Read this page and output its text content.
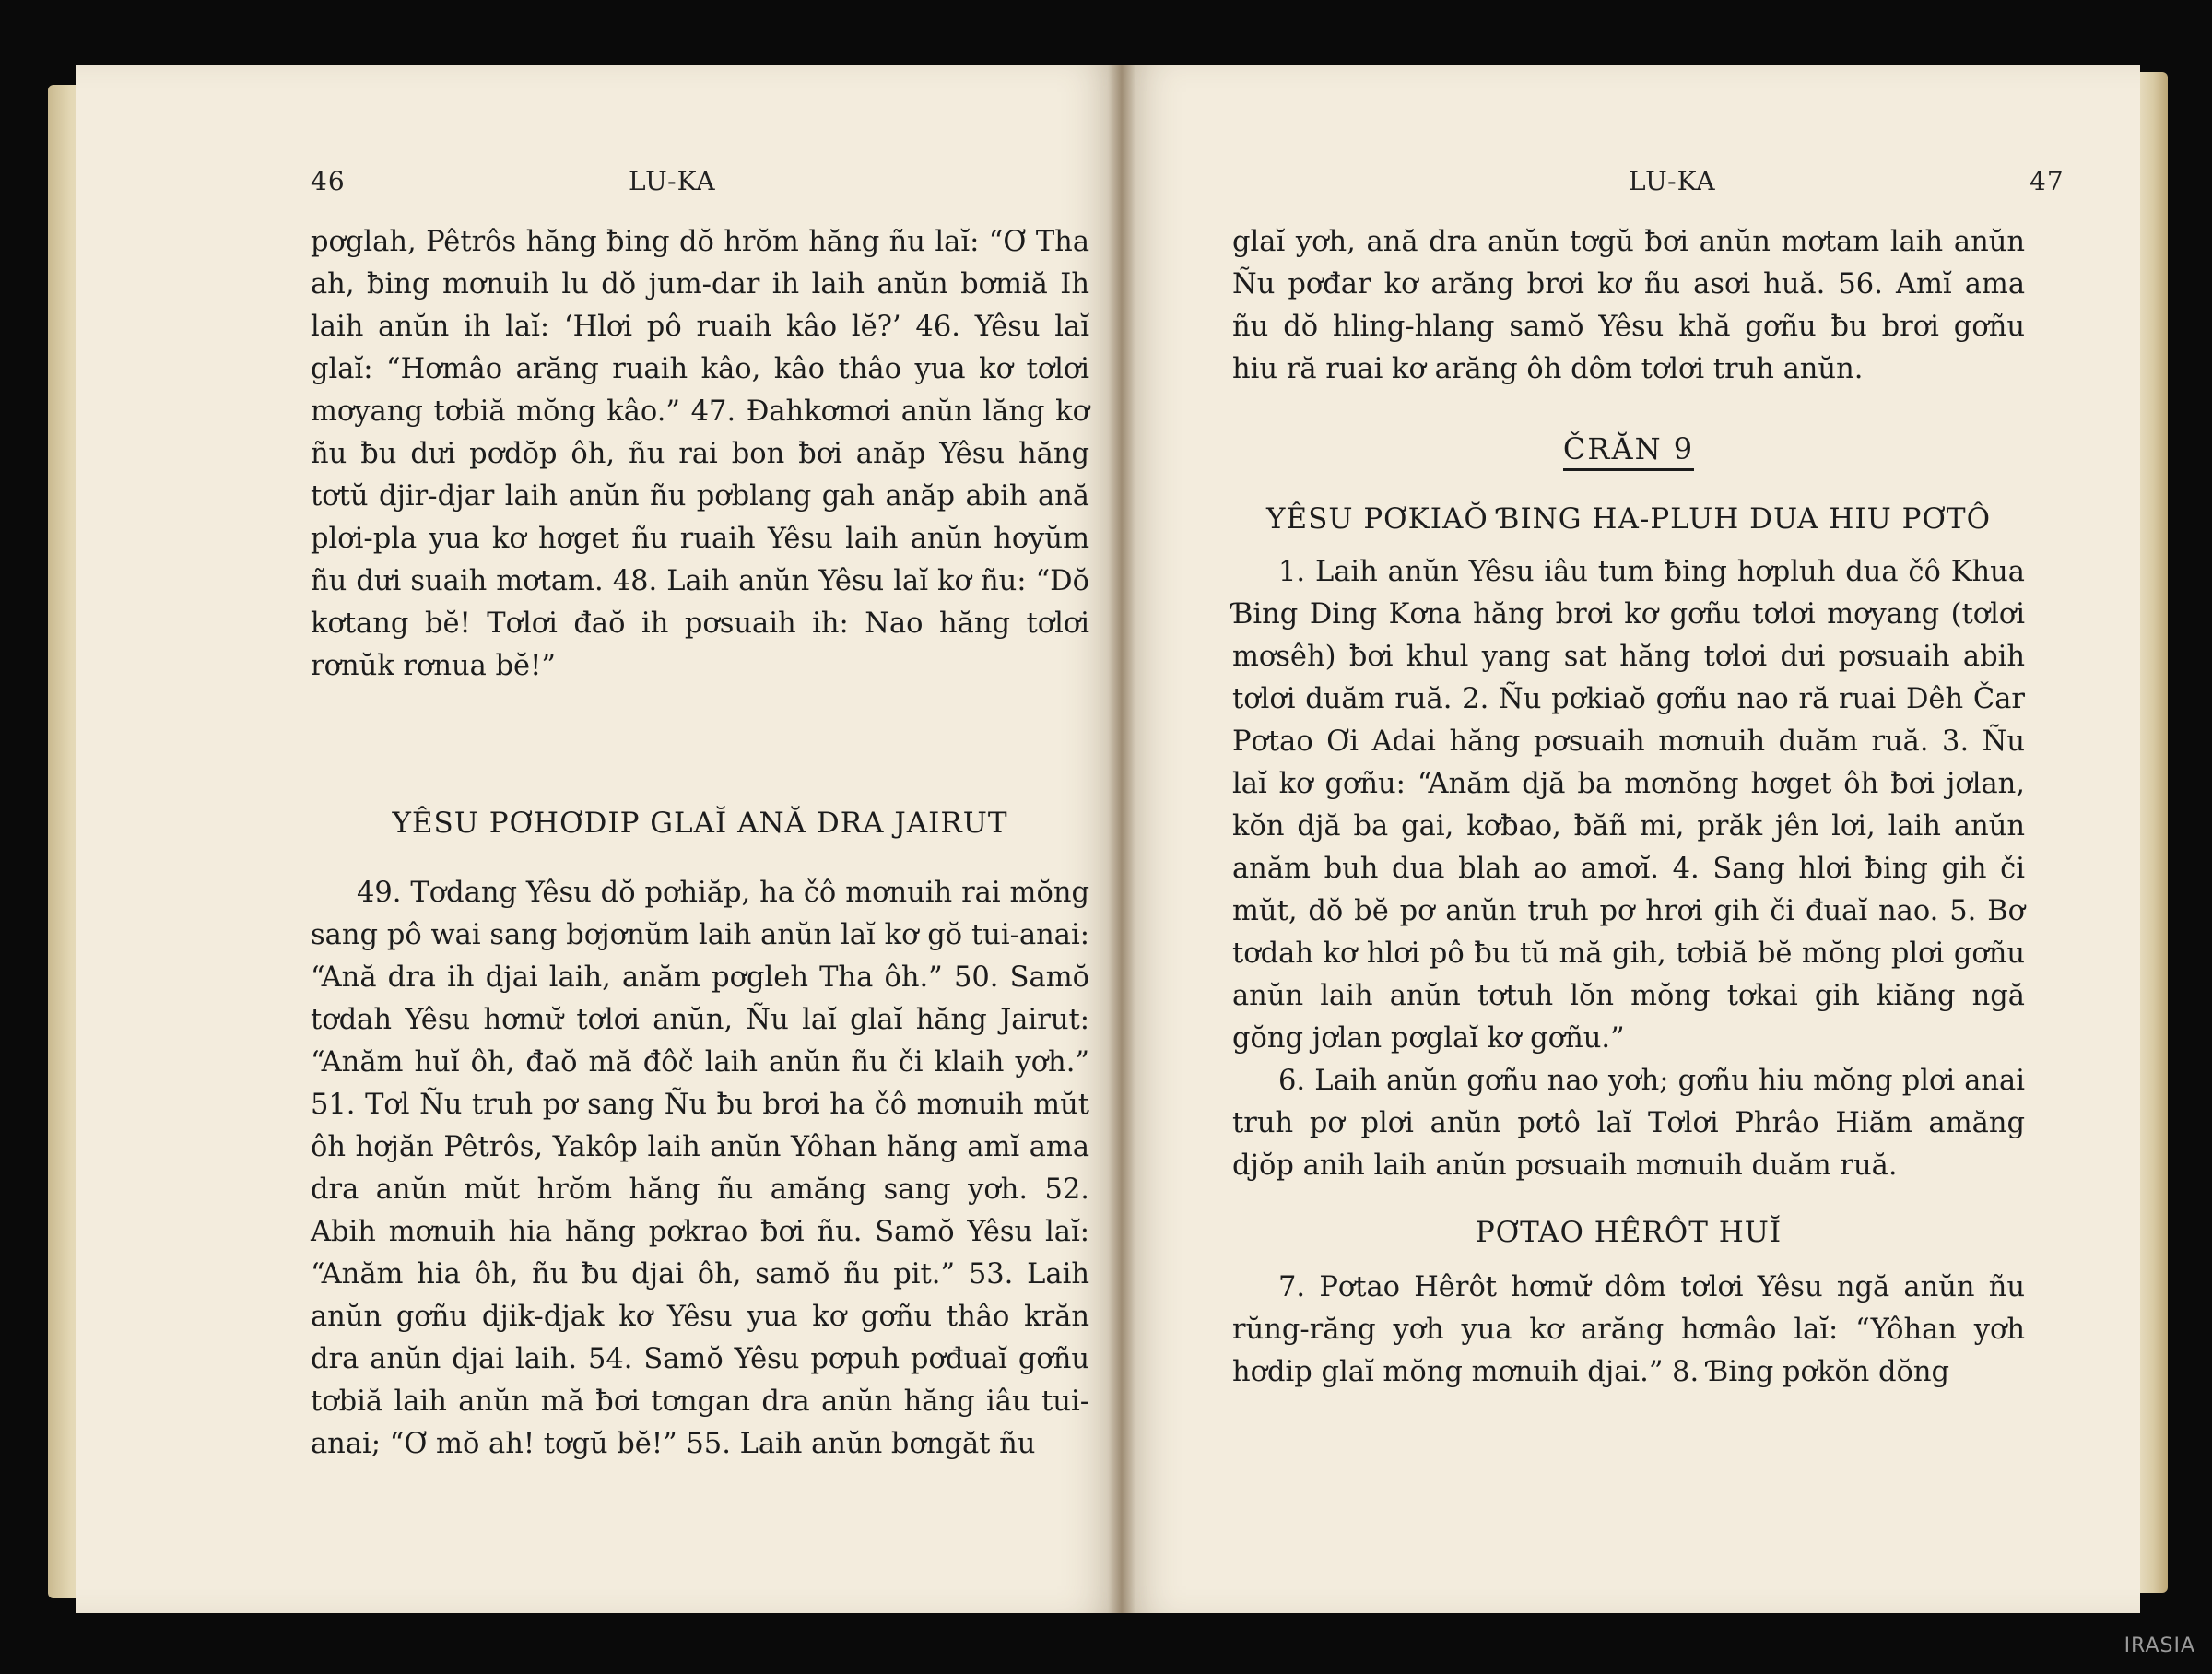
46	LU-KA

pơglah, Pêtrôs hăng ƀing dŏ hrŏm hăng ñu laĭ: “Ơ Tha ah, ƀing mơnuih lu dŏ jum-dar ih laih anŭn bơmiă Ih laih anŭn ih laĭ: ‘Hlơi pô ruaih kâo lĕ?’ 46. Yêsu laĭ glaĭ: “Hơmâo arăng ruaih kâo, kâo thâo yua kơ tơlơi mơyang tơbiă mŏng kâo.” 47. Đahkơmơi anŭn lăng kơ ñu ƀu dưi pơdŏp ôh, ñu rai bon ƀơi anăp Yêsu hăng tơtŭ djir-djar laih anŭn ñu pơblang gah anăp abih ană plơi-pla yua kơ hơget ñu ruaih Yêsu laih anŭn hơyŭm ñu dưi suaih mơtam. 48. Laih anŭn Yêsu laĭ kơ ñu: “Dŏ kơtang bĕ! Tơlơi đaŏ ih pơsuaih ih: Nao hăng tơlơi rơnŭk rơnua bĕ!”

YÊSU PƠHƠDIP GLAĬ ANĂ DRA JAIRUT

49. Tơdang Yêsu dŏ pơhiăp, ha čô mơnuih rai mŏng sang pô wai sang bơjơnŭm laih anŭn laĭ kơ gŏ tui-anai: “Ană dra ih djai laih, anăm pơgleh Tha ôh.” 50. Samŏ tơdah Yêsu hơmư̆ tơlơi anŭn, Ñu laĭ glaĭ hăng Jairut: “Anăm huĭ ôh, đaŏ mă đôč laih anŭn ñu či klaih yơh.” 51. Tơl Ñu truh pơ sang Ñu ƀu brơi ha čô mơnuih mŭt ôh hơjăn Pêtrôs, Yakôp laih anŭn Yôhan hăng amĭ ama dra anŭn mŭt hrŏm hăng ñu amăng sang yơh. 52. Abih mơnuih hia hăng pơkrao ƀơi ñu. Samŏ Yêsu laĭ: “Anăm hia ôh, ñu ƀu djai ôh, samŏ ñu pit.” 53. Laih anŭn gơñu djik-djak kơ Yêsu yua kơ gơñu thâo krăn dra anŭn djai laih. 54. Samŏ Yêsu pơpuh pơđuaĭ gơñu tơbiă laih anŭn mă ƀơi tơngan dra anŭn hăng iâu tui-anai; “Ơ mŏ ah! tơgŭ bĕ!” 55. Laih anŭn bơngăt ñu

LU-KA	47

glaĭ yơh, ană dra anŭn tơgŭ ƀơi anŭn mơtam laih anŭn Ñu pơđar kơ arăng brơi kơ ñu asơi huă. 56. Amĭ ama ñu dŏ hling-hlang samŏ Yêsu khă gơñu ƀu brơi gơñu hiu ră ruai kơ arăng ôh dôm tơlơi truh anŭn.

ČRĂN 9
YÊSU PƠKIAŎ ƁING HA-PLUH DUA HIU PƠTÔ

1. Laih anŭn Yêsu iâu tum ƀing hơpluh dua čô Khua Ɓing Ding Kơna hăng brơi kơ gơñu tơlơi mơyang (tơlơi mơsêh) ƀơi khul yang sat hăng tơlơi dưi pơsuaih abih tơlơi duăm ruă. 2. Ñu pơkiaŏ gơñu nao ră ruai Dêh Čar Pơtao Ơi Adai hăng pơsuaih mơnuih duăm ruă. 3. Ñu laĭ kơ gơñu: “Anăm djă ba mơnŏng hơget ôh ƀơi jơlan, kŏn djă ba gai, kơƀao, ƀăñ mi, prăk jên lơi, laih anŭn anăm buh dua blah ao amơĭ. 4. Sang hlơi ƀing gih či mŭt, dŏ bĕ pơ anŭn truh pơ hrơi gih či đuaĭ nao. 5. Bơ tơdah kơ hlơi pô ƀu tŭ mă gih, tơbiă bĕ mŏng plơi gơñu anŭn laih anŭn tơtuh lŏn mŏng tơkai gih kiăng ngă gŏng jơlan pơglaĭ kơ gơñu.”

6. Laih anŭn gơñu nao yơh; gơñu hiu mŏng plơi anai truh pơ plơi anŭn pơtô laĭ Tơlơi Phrâo Hiăm amăng djŏp anih laih anŭn pơsuaih mơnuih duăm ruă.

PƠTAO HÊRÔT HUĬ

7. Pơtao Hêrôt hơmư̆ dôm tơlơi Yêsu ngă anŭn ñu rŭng-răng yơh yua kơ arăng hơmâo laĭ: “Yôhan yơh hơdip glaĭ mŏng mơnuih djai.” 8. Ɓing pơkŏn dŏng

IRASIA
